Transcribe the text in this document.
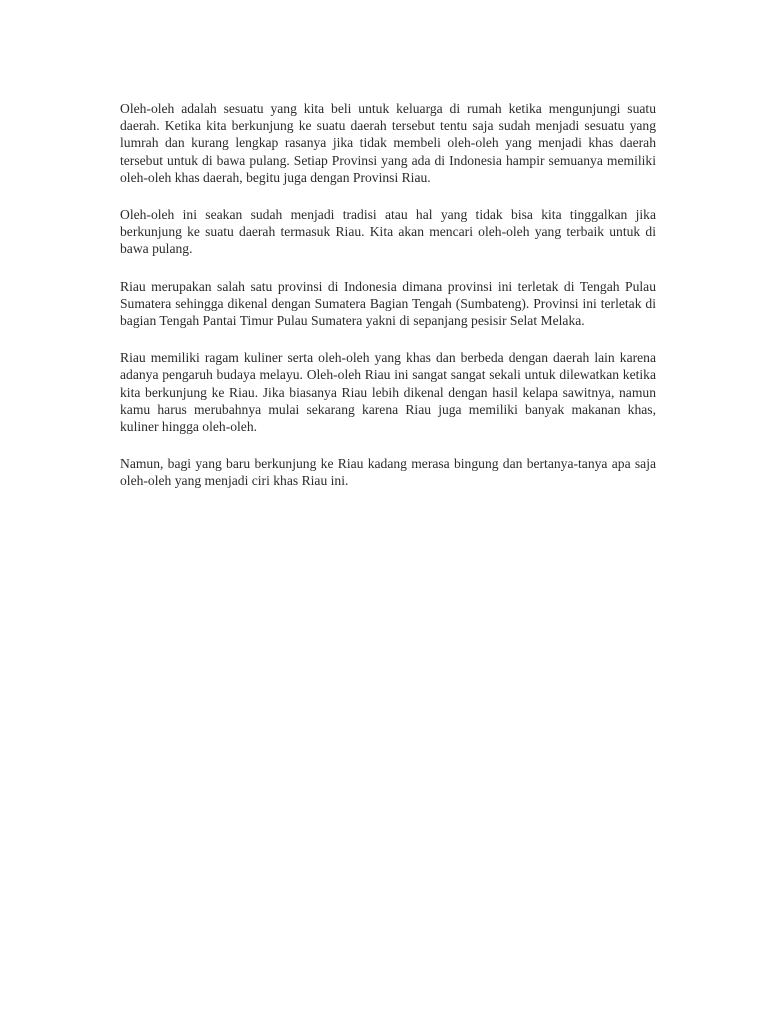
Oleh-oleh adalah sesuatu yang kita beli untuk keluarga di rumah ketika mengunjungi suatu daerah. Ketika kita berkunjung ke suatu daerah tersebut tentu saja sudah menjadi sesuatu yang lumrah dan kurang lengkap rasanya jika tidak membeli oleh-oleh yang menjadi khas daerah tersebut untuk di bawa pulang. Setiap Provinsi yang ada di Indonesia hampir semuanya memiliki oleh-oleh khas daerah, begitu juga dengan Provinsi Riau.

Oleh-oleh ini seakan sudah menjadi tradisi atau hal yang tidak bisa kita tinggalkan jika berkunjung ke suatu daerah termasuk Riau. Kita akan mencari oleh-oleh yang terbaik untuk di bawa pulang.

Riau merupakan salah satu provinsi di Indonesia dimana provinsi ini terletak di Tengah Pulau Sumatera sehingga dikenal dengan Sumatera Bagian Tengah (Sumbateng). Provinsi ini terletak di bagian Tengah Pantai Timur Pulau Sumatera yakni di sepanjang pesisir Selat Melaka.

Riau memiliki ragam kuliner serta oleh-oleh yang khas dan berbeda dengan daerah lain karena adanya pengaruh budaya melayu. Oleh-oleh Riau ini sangat sangat sekali untuk dilewatkan ketika kita berkunjung ke Riau. Jika biasanya Riau lebih dikenal dengan hasil kelapa sawitnya, namun kamu harus merubahnya mulai sekarang karena Riau juga memiliki banyak makanan khas, kuliner hingga oleh-oleh.

Namun, bagi yang baru berkunjung ke Riau kadang merasa bingung dan bertanya-tanya apa saja oleh-oleh yang menjadi ciri khas Riau ini.
